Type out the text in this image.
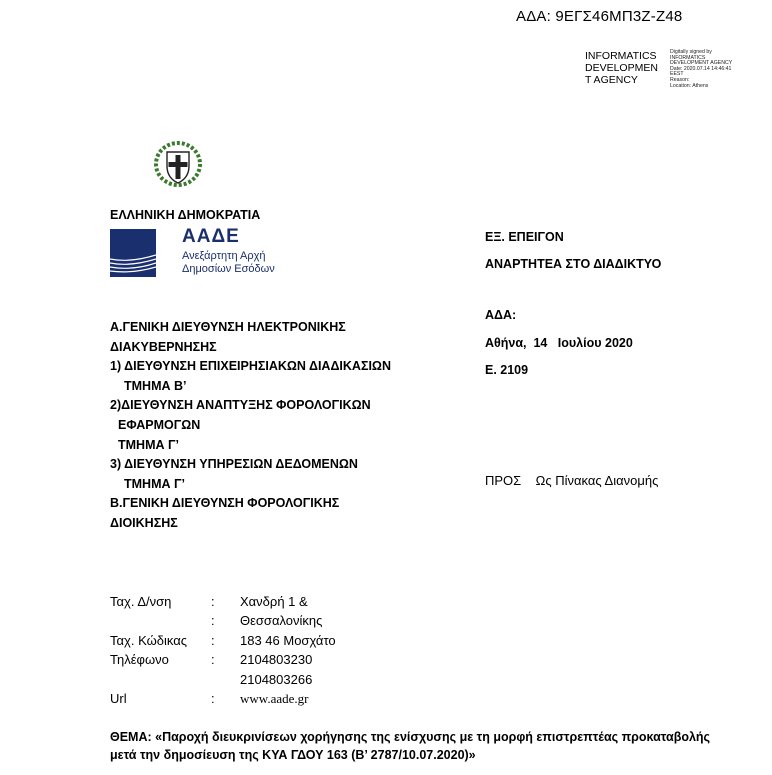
ΑΔΑ: 9ΕΓΣ46ΜΠ3Ζ-Ζ48
INFORMATICS
DEVELOPMEN
T AGENCY
Digitally signed by
INFORMATICS
DEVELOPMENT AGENCY
Date: 2020.07.14 14:46:41
EEST
Reason:
Location: Athens
ΕΛΛΗΝΙΚΗ ΔΗΜΟΚΡΑΤΙΑ
ΑΑΔΕ
Ανεξάρτητη Αρχή
Δημοσίων Εσόδων
ΕΞ. ΕΠΕΙΓΟΝ
ΑΝΑΡΤΗΤΕΑ ΣΤΟ ΔΙΑΔΙΚΤΥΟ
ΑΔΑ:
Αθήνα,  14   Ιουλίου 2020
Ε. 2109
ΠΡΟΣ    Ως Πίνακας Διανομής
Α.ΓΕΝΙΚΗ ΔΙΕΥΘΥΝΣΗ ΗΛΕΚΤΡΟΝΙΚΗΣ
ΔΙΑΚΥΒΕΡΝΗΣΗΣ
1) ΔΙΕΥΘΥΝΣΗ ΕΠΙΧΕΙΡΗΣΙΑΚΩΝ ΔΙΑΔΙΚΑΣΙΩΝ
ΤΜΗΜΑ Β’
2)ΔΙΕΥΘΥΝΣΗ ΑΝΑΠΤΥΞΗΣ ΦΟΡΟΛΟΓΙΚΩΝ
ΕΦΑΡΜΟΓΩΝ
ΤΜΗΜΑ Γ’
3) ΔΙΕΥΘΥΝΣΗ ΥΠΗΡΕΣΙΩΝ ΔΕΔΟΜΕΝΩΝ
ΤΜΗΜΑ Γ’
Β.ΓΕΝΙΚΗ ΔΙΕΥΘΥΝΣΗ ΦΟΡΟΛΟΓΙΚΗΣ
ΔΙΟΙΚΗΣΗΣ
Ταχ. Δ/νση	:	Χανδρή 1 &
	:	Θεσσαλονίκης
Ταχ. Κώδικας	:	183 46 Μοσχάτο
Τηλέφωνο	:	2104803230
		2104803266
Url	:	www.aade.gr
ΘΕΜΑ: «Παροχή διευκρινίσεων χορήγησης της ενίσχυσης με τη μορφή επιστρεπτέας προκαταβολής μετά την δημοσίευση της ΚΥΑ ΓΔΟΥ 163 (Β’ 2787/10.07.2020)»
